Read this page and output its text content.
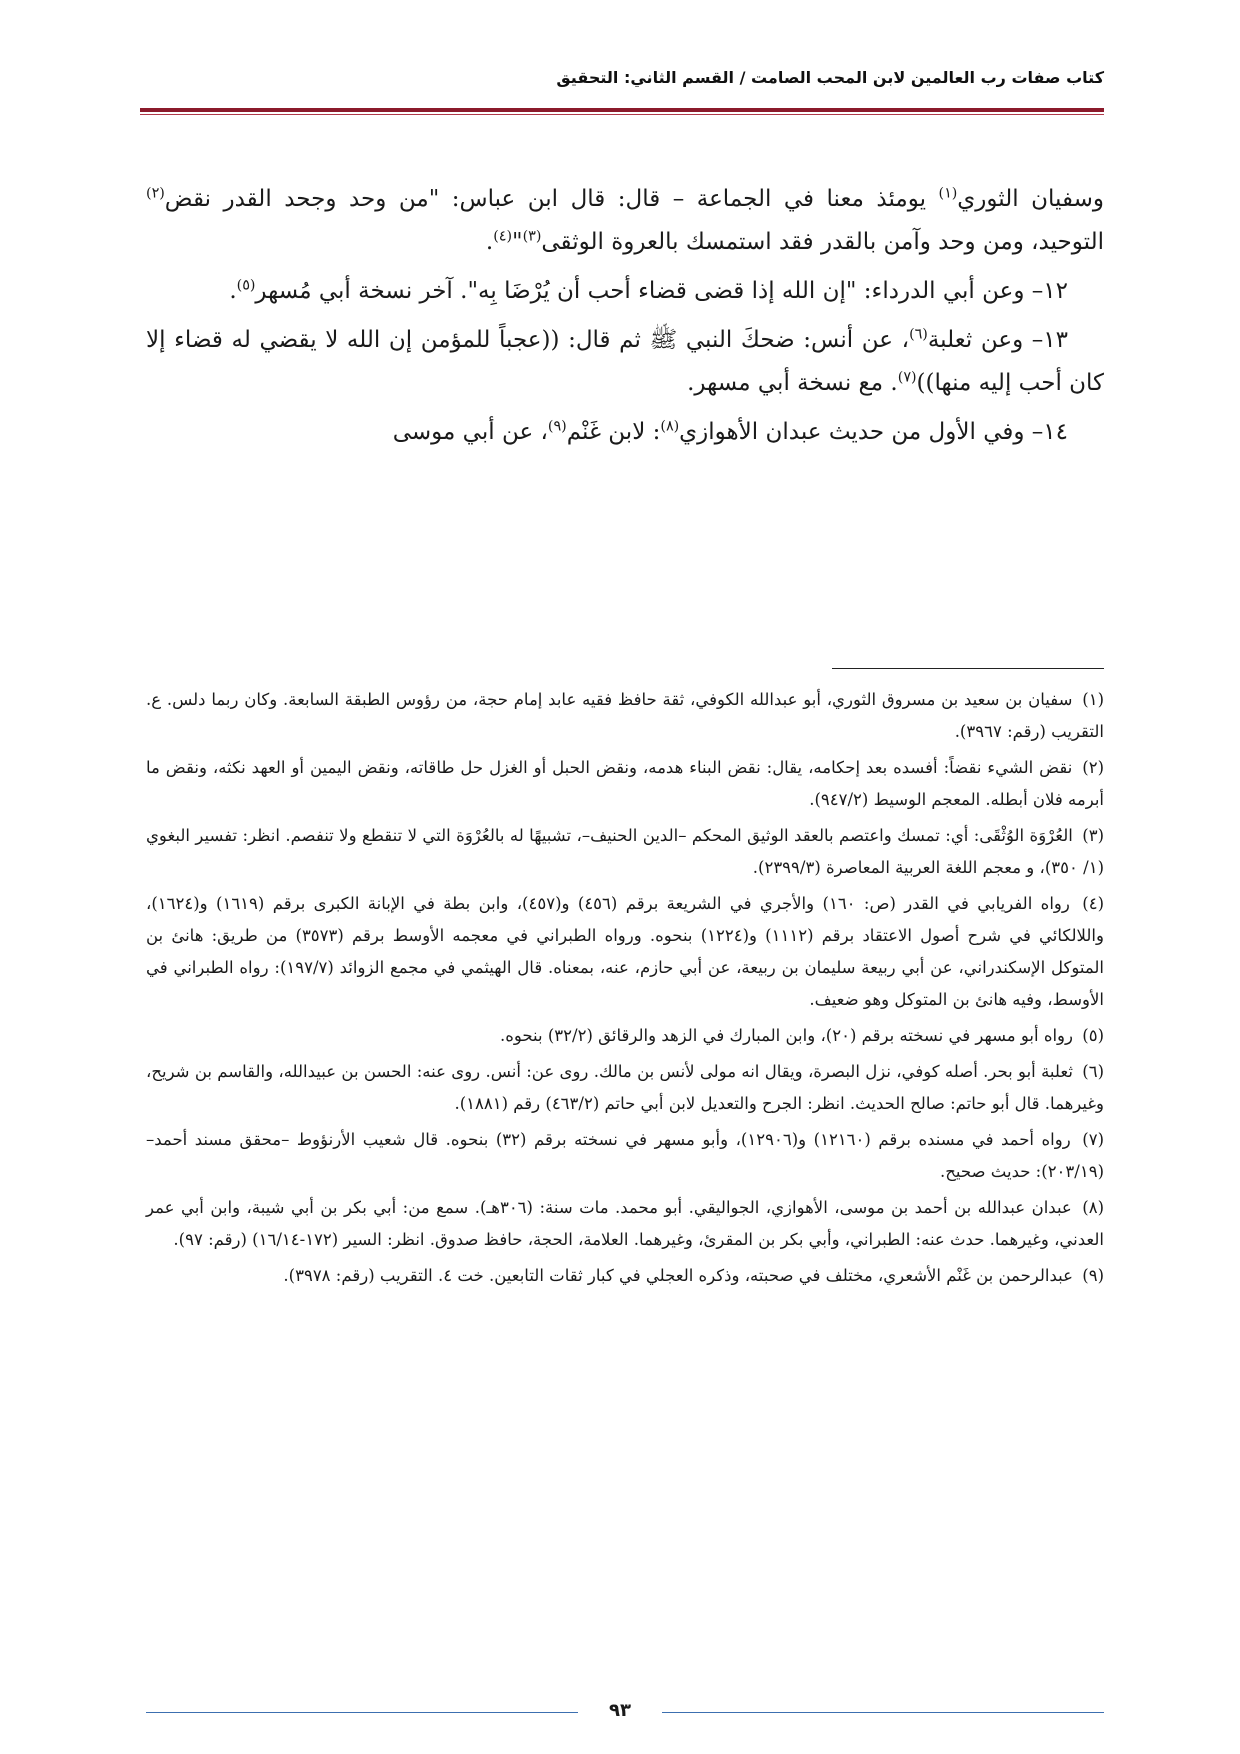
كتاب صفات رب العالمين لابن المحب الصامت / القسم الثاني: التحقيق

وسفيان الثوري$^{(١)}$ يومئذ معنا في الجماعة – قال: قال ابن عباس: "من وحد وجحد القدر نقض$^{(٢)}$ التوحيد، ومن وحد وآمن بالقدر فقد استمسك بالعروة الوثقى$^{(٣)}$"$^{(٤)}$.

١٢– وعن أبي الدرداء: "إن الله إذا قضى قضاء أحب أن يُرْضَا بِه". آخر نسخة أبي مُسهر$^{(٥)}$.

١٣– وعن ثعلبة$^{(٦)}$، عن أنس: ضحكَ النبي ﷺ ثم قال: ((عجباً للمؤمن إن الله لا يقضي له قضاء إلا كان أحب إليه منها))$^{(٧)}$. مع نسخة أبي مسهر.

١٤– وفي الأول من حديث عبدان الأهوازي$^{(٨)}$: لابن غَنْم$^{(٩)}$، عن أبي موسى

(١) سفيان بن سعيد بن مسروق الثوري، أبو عبدالله الكوفي، ثقة حافظ فقيه عابد إمام حجة، من رؤوس الطبقة السابعة. وكان ربما دلس. ع. التقريب (رقم: ٣٩٦٧).
(٢) نقض الشيء نقضاً: أفسده بعد إحكامه، يقال: نقض البناء هدمه، ونقض الحبل أو الغزل حل طاقاته، ونقض اليمين أو العهد نكثه، ونقض ما أبرمه فلان أبطله. المعجم الوسيط (٩٤٧/٢).
(٣) العُرْوَة الوُثْقَى: أي: تمسك واعتصم بالعقد الوثيق المحكم –الدين الحنيف–، تشبيهًا له بالعُرْوَة التي لا تنقطع ولا تنفصم. انظر: تفسير البغوي (١/ ٣٥٠)، و معجم اللغة العربية المعاصرة (٢٣٩٩/٣).
(٤) رواه الفريابي في القدر (ص: ١٦٠) والأجري في الشريعة برقم (٤٥٦) و(٤٥٧)، وابن بطة في الإبانة الكبرى برقم (١٦١٩) و(١٦٢٤)، واللالكائي في شرح أصول الاعتقاد برقم (١١١٢) و(١٢٢٤) بنحوه. ورواه الطبراني في معجمه الأوسط برقم (٣٥٧٣) من طريق: هانئ بن المتوكل الإسكندراني، عن أبي ربيعة سليمان بن ربيعة، عن أبي حازم، عنه، بمعناه. قال الهيثمي في مجمع الزوائد (١٩٧/٧): رواه الطبراني في الأوسط، وفيه هانئ بن المتوكل وهو ضعيف.
(٥) رواه أبو مسهر في نسخته برقم (٢٠)، وابن المبارك في الزهد والرقائق (٣٢/٢) بنحوه.
(٦) ثعلبة أبو بحر. أصله كوفي، نزل البصرة، ويقال انه مولى لأنس بن مالك. روى عن: أنس. روى عنه: الحسن بن عبيدالله، والقاسم بن شريح، وغيرهما. قال أبو حاتم: صالح الحديث. انظر: الجرح والتعديل لابن أبي حاتم (٤٦٣/٢) رقم (١٨٨١).
(٧) رواه أحمد في مسنده برقم (١٢١٦٠) و(١٢٩٠٦)، وأبو مسهر في نسخته برقم (٣٢) بنحوه. قال شعيب الأرنؤوط –محقق مسند أحمد– (٢٠٣/١٩): حديث صحيح.
(٨) عبدان عبدالله بن أحمد بن موسى، الأهوازي، الجواليقي. أبو محمد. مات سنة: (٣٠٦هـ). سمع من: أبي بكر بن أبي شيبة، وابن أبي عمر العدني، وغيرهما. حدث عنه: الطبراني، وأبي بكر بن المقرئ، وغيرهما. العلامة، الحجة، حافظ صدوق. انظر: السير (١٧٢-١٦/١٤) (رقم: ٩٧).
(٩) عبدالرحمن بن غَنْم الأشعري، مختلف في صحبته، وذكره العجلي في كبار ثقات التابعين. خت ٤. التقريب (رقم: ٣٩٧٨).
٩٣
